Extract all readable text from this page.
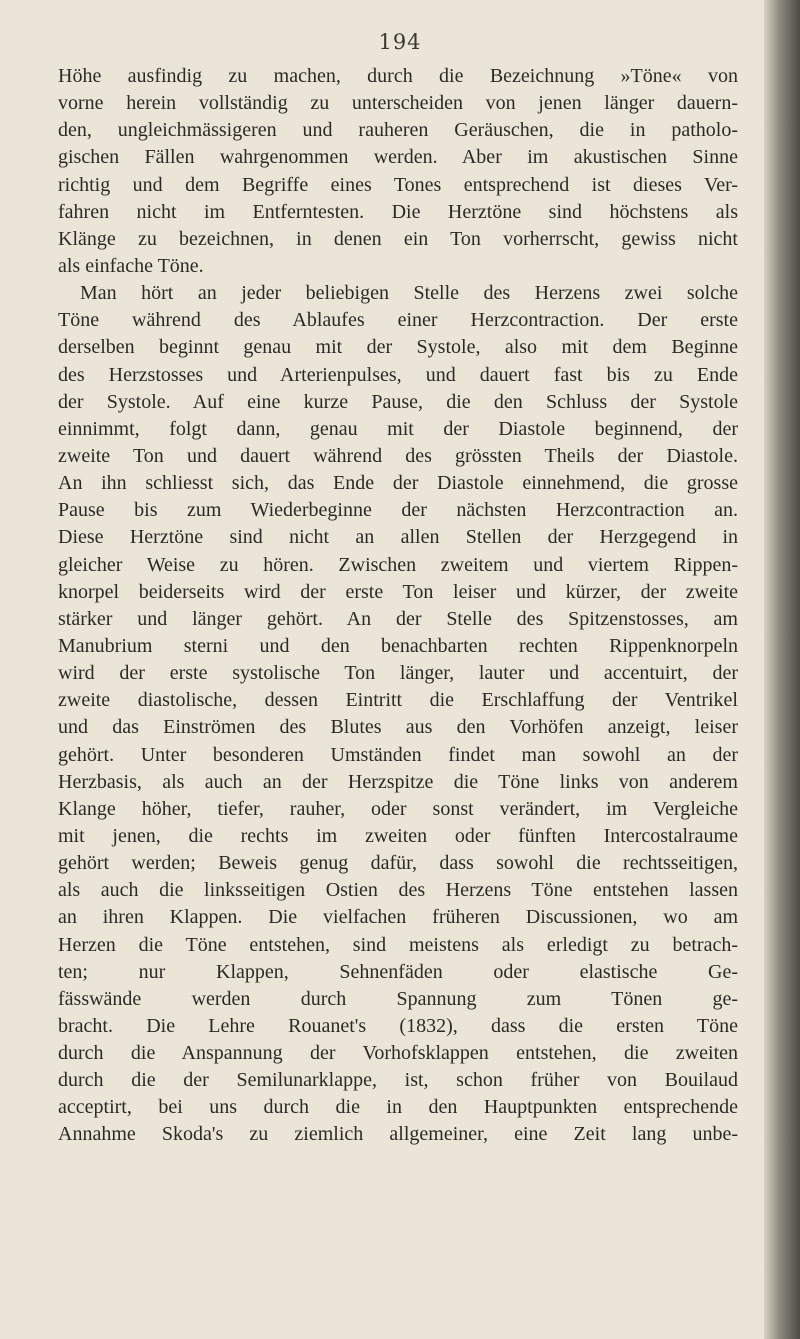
194
Höhe ausfindig zu machen, durch die Bezeichnung »Töne« von
vorne herein vollständig zu unterscheiden von jenen länger dauern-
den, ungleichmässigeren und rauheren Geräuschen, die in patholo-
gischen Fällen wahrgenommen werden. Aber im akustischen Sinne
richtig und dem Begriffe eines Tones entsprechend ist dieses Ver-
fahren nicht im Entferntesten. Die Herztöne sind höchstens als
Klänge zu bezeichnen, in denen ein Ton vorherrscht, gewiss nicht
als einfache Töne.
Man hört an jeder beliebigen Stelle des Herzens zwei solche
Töne während des Ablaufes einer Herzcontraction. Der erste
derselben beginnt genau mit der Systole, also mit dem Beginne
des Herzstosses und Arterienpulses, und dauert fast bis zu Ende
der Systole. Auf eine kurze Pause, die den Schluss der Systole
einnimmt, folgt dann, genau mit der Diastole beginnend, der
zweite Ton und dauert während des grössten Theils der Diastole.
An ihn schliesst sich, das Ende der Diastole einnehmend, die grosse
Pause bis zum Wiederbeginne der nächsten Herzcontraction an.
Diese Herztöne sind nicht an allen Stellen der Herzgegend in
gleicher Weise zu hören. Zwischen zweitem und viertem Rippen-
knorpel beiderseits wird der erste Ton leiser und kürzer, der zweite
stärker und länger gehört. An der Stelle des Spitzenstosses, am
Manubrium sterni und den benachbarten rechten Rippenknorpeln
wird der erste systolische Ton länger, lauter und accentuirt, der
zweite diastolische, dessen Eintritt die Erschlaffung der Ventrikel
und das Einströmen des Blutes aus den Vorhöfen anzeigt, leiser
gehört. Unter besonderen Umständen findet man sowohl an der
Herzbasis, als auch an der Herzspitze die Töne links von anderem
Klange höher, tiefer, rauher, oder sonst verändert, im Vergleiche
mit jenen, die rechts im zweiten oder fünften Intercostalraume
gehört werden; Beweis genug dafür, dass sowohl die rechtsseitigen,
als auch die linksseitigen Ostien des Herzens Töne entstehen lassen
an ihren Klappen. Die vielfachen früheren Discussionen, wo am
Herzen die Töne entstehen, sind meistens als erledigt zu betrach-
ten; nur Klappen, Sehnenfäden oder elastische Ge-
fässwände werden durch Spannung zum Tönen ge-
bracht. Die Lehre Rouanet's (1832), dass die ersten Töne
durch die Anspannung der Vorhofsklappen entstehen, die zweiten
durch die der Semilunarklappe, ist, schon früher von Bouilaud
acceptirt, bei uns durch die in den Hauptpunkten entsprechende
Annahme Skoda's zu ziemlich allgemeiner, eine Zeit lang unbe-
